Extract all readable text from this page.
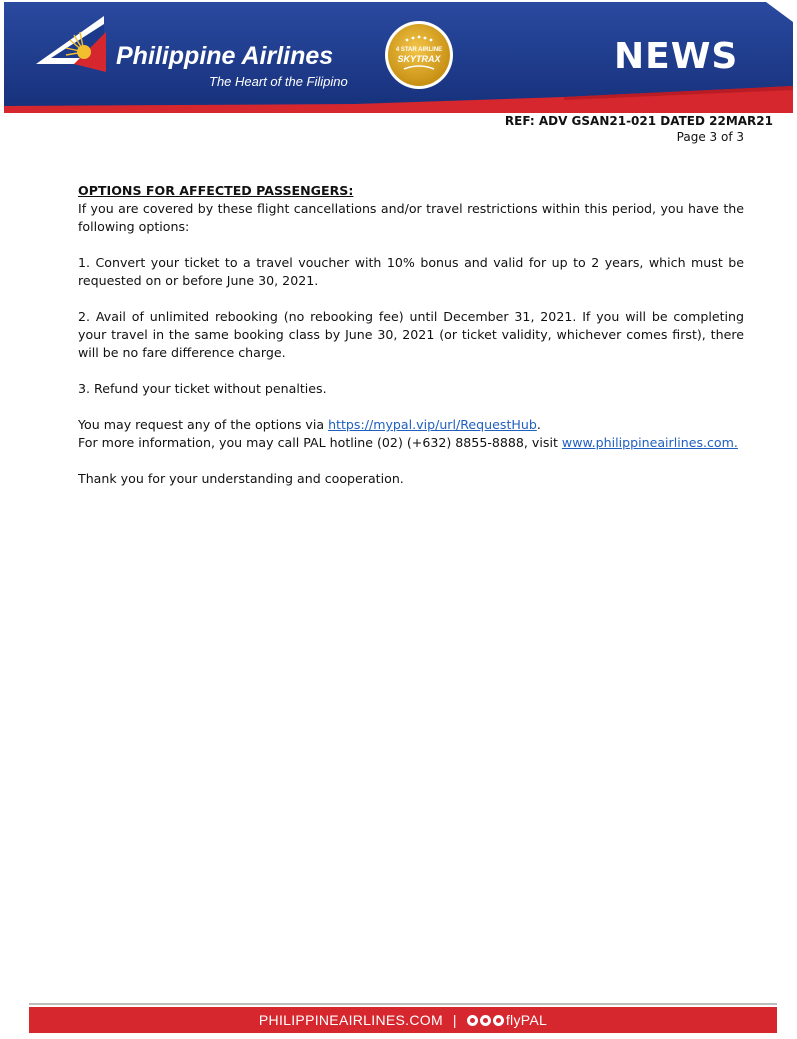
Philippine Airlines
The Heart of the Filipino
4 STAR AIRLINE
SKYTRAX	NEWS
REF: ADV GSAN21-021 DATED 22MAR21
Page 3 of 3

OPTIONS FOR AFFECTED PASSENGERS:

If you are covered by these flight cancellations and/or travel restrictions within this period, you have the following options:

1. Convert your ticket to a travel voucher with 10% bonus and valid for up to 2 years, which must be requested on or before June 30, 2021.

2. Avail of unlimited rebooking (no rebooking fee) until December 31, 2021. If you will be completing your travel in the same booking class by June 30, 2021 (or ticket validity, whichever comes first), there will be no fare difference charge.

3. Refund your ticket without penalties.

You may request any of the options via https://mypal.vip/url/RequestHub.
For more information, you may call PAL hotline (02) (+632) 8855-8888, visit www.philippineairlines.com.

Thank you for your understanding and cooperation.

PHILIPPINEAIRLINES.COM |	flyPAL
